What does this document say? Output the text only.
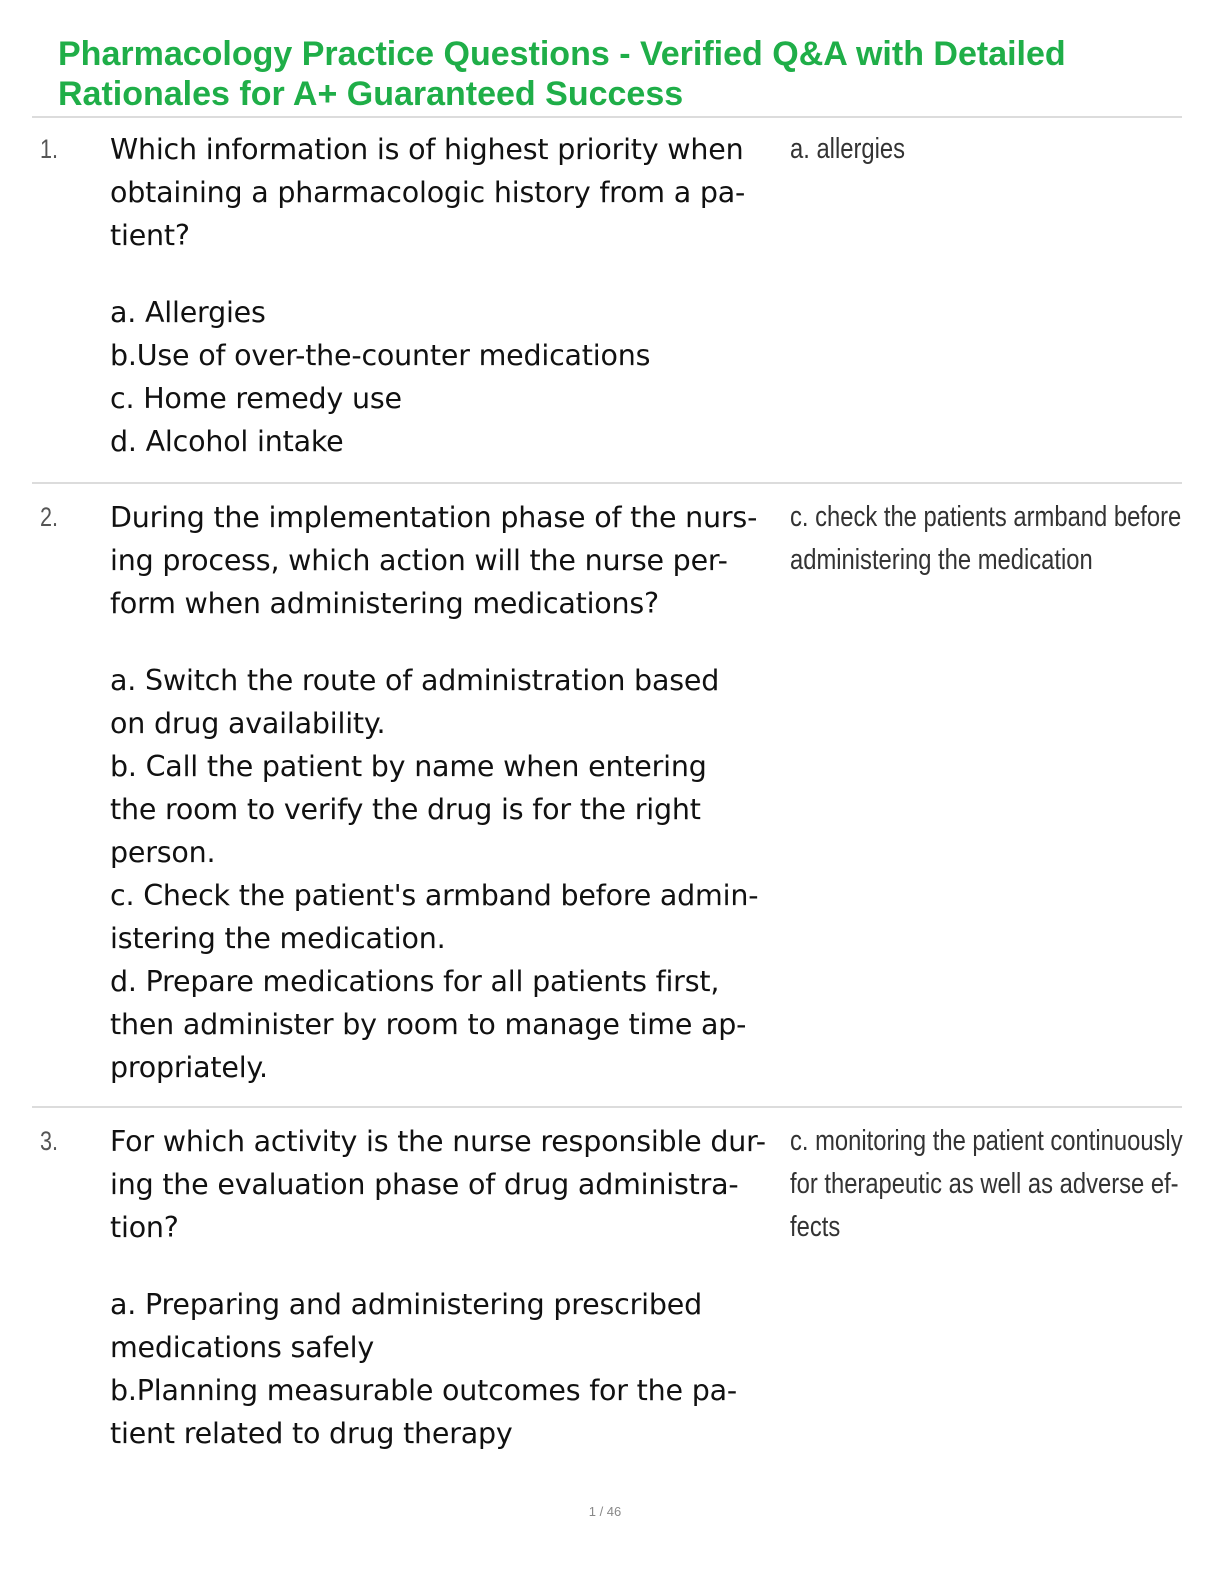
Pharmacology Practice Questions - Verified Q&A with Detailed
Rationales for A+ Guaranteed Success
1. Which information is of highest priority when
obtaining a pharmacologic history from a pa-
tient?
a. Allergies
b.Use of over-the-counter medications
c. Home remedy use
d. Alcohol intake
a. allergies
2. During the implementation phase of the nurs-
ing process, which action will the nurse per-
form when administering medications?
a. Switch the route of administration based
on drug availability.
b. Call the patient by name when entering
the room to verify the drug is for the right
person.
c. Check the patient's armband before admin-
istering the medication.
d. Prepare medications for all patients first,
then administer by room to manage time ap-
propriately.
c. check the patients armband before
administering the medication
3. For which activity is the nurse responsible dur-
ing the evaluation phase of drug administra-
tion?
a. Preparing and administering prescribed
medications safely
b.Planning measurable outcomes for the pa-
tient related to drug therapy
c. monitoring the patient continuously
for therapeutic as well as adverse ef-
fects
1 / 46
